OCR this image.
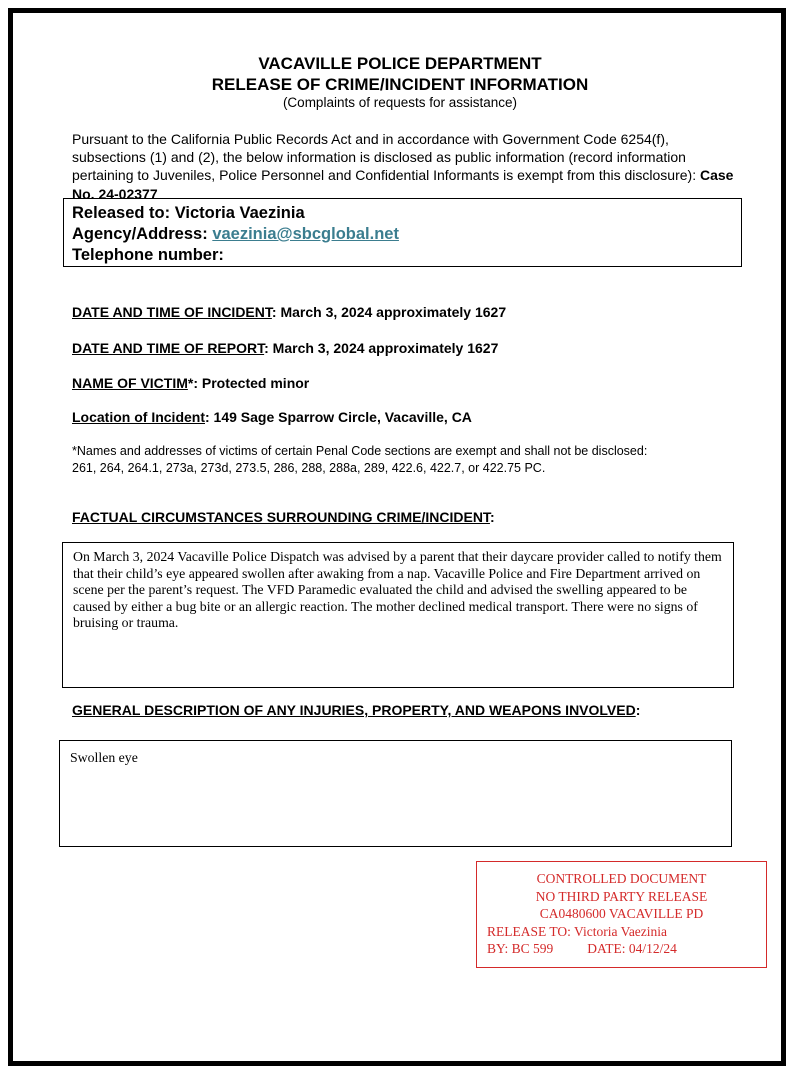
VACAVILLE POLICE DEPARTMENT
RELEASE OF CRIME/INCIDENT INFORMATION
(Complaints of requests for assistance)
Pursuant to the California Public Records Act and in accordance with Government Code 6254(f), subsections (1) and (2), the below information is disclosed as public information (record information pertaining to Juveniles, Police Personnel and Confidential Informants is exempt from this disclosure): Case No. 24-02377
Released to: Victoria Vaezinia
Agency/Address: vaezinia@sbcglobal.net
Telephone number:
DATE AND TIME OF INCIDENT: March 3, 2024 approximately 1627
DATE AND TIME OF REPORT: March 3, 2024 approximately 1627
NAME OF VICTIM*: Protected minor
Location of Incident: 149 Sage Sparrow Circle, Vacaville, CA
*Names and addresses of victims of certain Penal Code sections are exempt and shall not be disclosed:
261, 264, 264.1, 273a, 273d, 273.5, 286, 288, 288a, 289, 422.6, 422.7, or 422.75 PC.
FACTUAL CIRCUMSTANCES SURROUNDING CRIME/INCIDENT:
On March 3, 2024 Vacaville Police Dispatch was advised by a parent that their daycare provider called to notify them that their child’s eye appeared swollen after awaking from a nap. Vacaville Police and Fire Department arrived on scene per the parent’s request. The VFD Paramedic evaluated the child and advised the swelling appeared to be caused by either a bug bite or an allergic reaction. The mother declined medical transport. There were no signs of bruising or trauma.
GENERAL DESCRIPTION OF ANY INJURIES, PROPERTY, AND WEAPONS INVOLVED:
Swollen eye
CONTROLLED DOCUMENT
NO THIRD PARTY RELEASE
CA0480600 VACAVILLE PD
RELEASE TO: Victoria Vaezinia
BY: BC 599	DATE: 04/12/24
